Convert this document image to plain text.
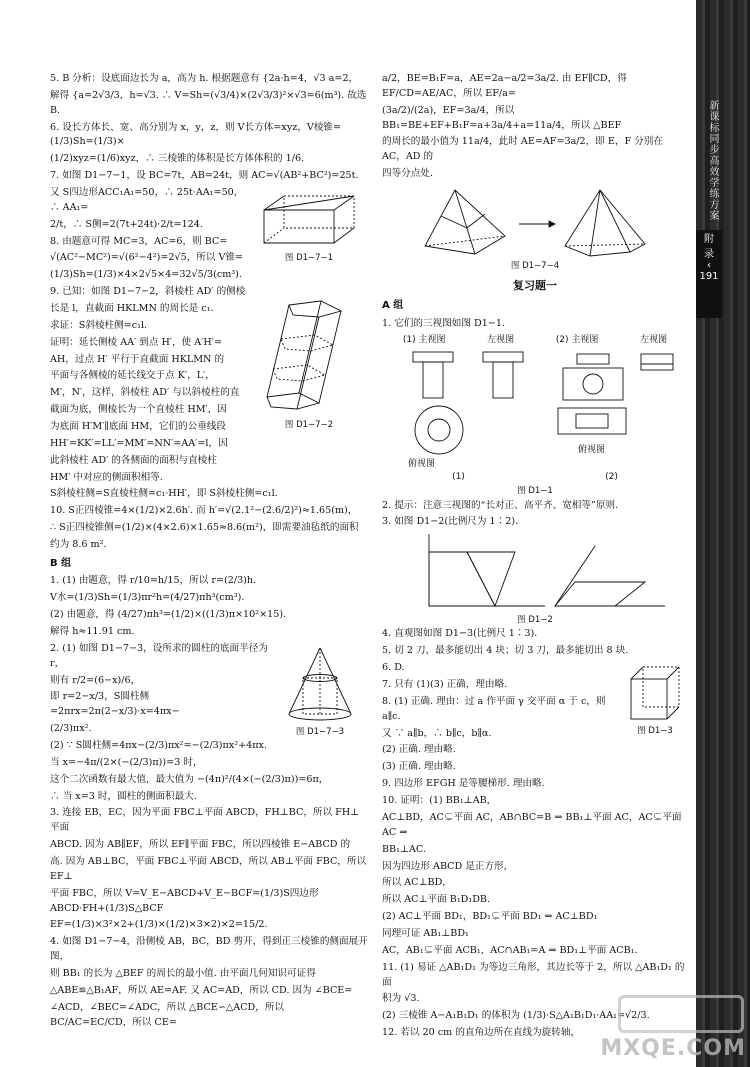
5. B 分析：设底面边长为 a，高为 h. 根据题意有 {2a·h=4，√3 a=2，
解得 {a=2√3/3，h=√3. ∴ V=Sh=(√3/4)×(2√3/3)²×√3=6(m³). 故选 B.
6. 设长方体长、宽、高分别为 x，y，z，则 V长方体=xyz，V棱锥=(1/3)Sh=(1/3)×
(1/2)xyz=(1/6)xyz，∴ 三棱锥的体积是长方体体积的 1/6.
7. 如图 D1−7−1，设 BC=7t，AB=24t，则 AC=√(AB²+BC²)=25t.
又 S四边形ACC₁A₁=50，∴ 25t·AA₁=50，∴ AA₁=
2/t，∴ S侧=2(7t+24t)·2/t=124.
8. 由题意可得 MC=3，AC=6，则 BC=
√(AC²−MC²)=√(6²−4²)=2√5，所以 V锥=
(1/3)Sh=(1/3)×4×2√5×4=32√5/3(cm³).
图 D1−7−1
9. 已知：如图 D1−7−2，斜棱柱 AD′ 的侧棱
长是 l，直截面 HKLMN 的周长是 c₁.
求证：S斜棱柱侧=c₁l.
证明：延长侧棱 AA′ 到点 H′，使 A′H′=
AH，过点 H′ 平行于直截面 HKLMN 的
平面与各侧棱的延长线交于点 K′，L′，
M′，N′，这样，斜棱柱 AD′ 与以斜棱柱的直
截面为底，侧棱长为一个直棱柱 HM′，因
为底面 H′M′∥底面 HM，它们的公垂线段
HH′=KK′=LL′=MM′=NN′=AA′=l，因
此斜棱柱 AD′ 的各侧面的面积与直棱柱
HM′ 中对应的侧面积相等.
图 D1−7−2
S斜棱柱侧=S直棱柱侧=c₁·HH′，即 S斜棱柱侧=c₁l.
10. S正四棱锥=4×(1/2)×2.6h′. 而 h′=√(2.1²−(2.6/2)²)≈1.65(m)，
∴ S正四棱锥侧=(1/2)×(4×2.6)×1.65≈8.6(m²)，即需要油毡纸的面积
约为 8.6 m².
B 组
1. (1) 由题意，得 r/10=h/15，所以 r=(2/3)h.
V水=(1/3)Sh=(1/3)πr²h=(4/27)πh³(cm³).
(2) 由题意，得 (4/27)πh³=(1/2)×((1/3)π×10²×15).
解得 h≈11.91 cm.
2. (1) 如图 D1−7−3，设所求的圆柱的底面半径为 r，
则有 r/2=(6−x)/6，
即 r=2−x/3，S圆柱侧=2πrx=2π(2−x/3)·x=4πx−
(2/3)πx².
(2) ∵ S圆柱侧=4πx−(2/3)πx²=−(2/3)πx²+4πx.
图 D1−7−3
当 x=−4π/(2×(−(2/3)π))=3 时，
这个二次函数有最大值，最大值为 −(4π)²/(4×(−(2/3)π))=6π，
∴ 当 x=3 时，圆柱的侧面积最大.
3. 连接 EB，EC，因为平面 FBC⊥平面 ABCD，FH⊥BC，所以 FH⊥平面
ABCD. 因为 AB∥EF，所以 EF∥平面 FBC，所以四棱锥 E−ABCD 的
高. 因为 AB⊥BC，平面 FBC⊥平面 ABCD，所以 AB⊥平面 FBC，所以 EF⊥
平面 FBC，所以 V=V_E−ABCD+V_E−BCF=(1/3)S四边形ABCD·FH+(1/3)S△BCF
EF=(1/3)×3²×2+(1/3)×(1/2)×3×2)×2=15/2.
4. 如图 D1−7−4，沿侧棱 AB，BC，BD 剪开，得到正三棱锥的侧面展开图，
则 BB₁ 的长为 △BEF 的周长的最小值. 由平面几何知识可证得
△ABE≌△B₁AF，所以 AE=AF. 又 AC=AD，所以 CD. 因为 ∠BCE=
∠ACD，∠BEC=∠ADC，所以 △BCE∽△ACD，所以 BC/AC=EC/CD，所以 CE=
a/2，BE=B₁F=a，AE=2a−a/2=3a/2. 由 EF∥CD，得 EF/CD=AE/AC，所以 EF/a=
(3a/2)/(2a)，EF=3a/4，所以 BB₁=BE+EF+B₁F=a+3a/4+a=11a/4，所以 △BEF
的周长的最小值为 11a/4，此时 AE=AF=3a/2，即 E，F 分别在 AC，AD 的
四等分点处.
图 D1−7−4
复习题一
A 组
1. 它们的三视图如图 D1−1.
(1) 主视图	左视图	(2) 主视图	左视图
俯视图
俯视图
(1)	(2)
图 D1−1
2. 提示：注意三视图的“长对正、高平齐、宽相等”原则.
3. 如图 D1−2(比例尺为 1∶2).
图 D1−2
4. 直观图如图 D1−3(比例尺 1∶3).
5. 切 2 刀，最多能切出 4 块；切 3 刀，最多能切出 8 块.
6. D.
7. 只有 (1)(3) 正确，理由略.
8. (1) 正确. 理由：过 a 作平面 γ 交平面 α 于 c，则 a∥c.
又 ∵ a∥b，∴ b∥c，b∥α.
(2) 正确. 理由略.
(3) 正确. 理由略.
图 D1−3
9. 四边形 EFGH 是等腰梯形. 理由略.
10. 证明：(1) BB₁⊥AB，
AC⊥BD，AC⊊平面 AC，AB∩BC=B ⇒ BB₁⊥平面 AC，AC⊊平面 AC ⇒
BB₁⊥AC.
因为四边形 ABCD 是正方形，
所以 AC⊥BD，
所以 AC⊥平面 B₁D₁DB.
(2) AC⊥平面 BD₁，BD₁⊊平面 BD₁ ⇒ AC⊥BD₁
同理可证 AB₁⊥BD₁
AC，AB₁⊊平面 ACB₁，AC∩AB₁=A ⇒ BD₁⊥平面 ACB₁.
11. (1) 易证 △AB₁D₁ 为等边三角形，其边长等于 2，所以 △AB₁D₁ 的面
积为 √3.
(2) 三棱锥 A−A₁B₁D₁ 的体积为 (1/3)·S△A₁B₁D₁·AA₁=√2/3.
12. 若以 20 cm 的直角边所在直线为旋转轴，
新课标同步高效学练方案
附
录
‹
191
MXQE.COM
